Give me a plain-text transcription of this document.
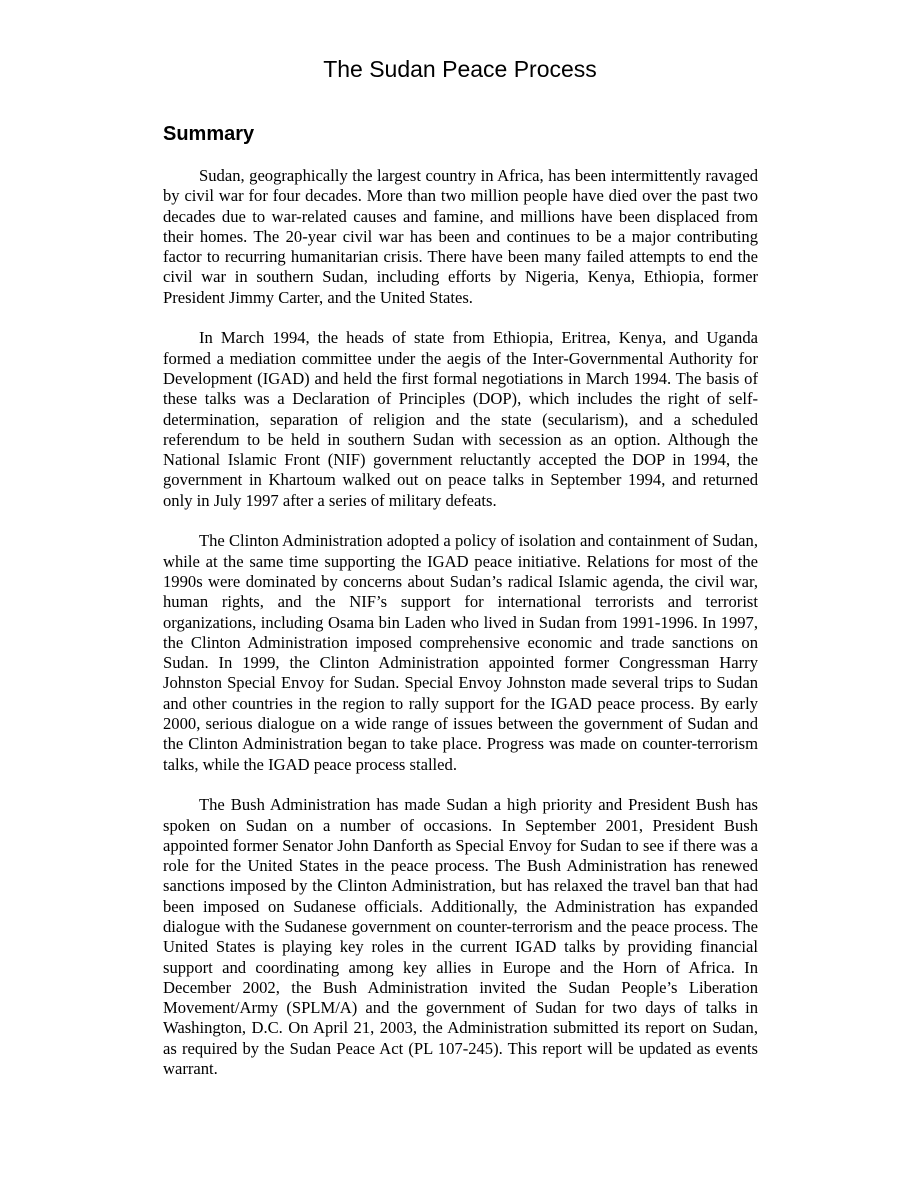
The Sudan Peace Process
Summary

Sudan, geographically the largest country in Africa, has been intermittently ravaged by civil war for four decades. More than two million people have died over the past two decades due to war-related causes and famine, and millions have been displaced from their homes. The 20-year civil war has been and continues to be a major contributing factor to recurring humanitarian crisis. There have been many failed attempts to end the civil war in southern Sudan, including efforts by Nigeria, Kenya, Ethiopia, former President Jimmy Carter, and the United States.

In March 1994, the heads of state from Ethiopia, Eritrea, Kenya, and Uganda formed a mediation committee under the aegis of the Inter-Governmental Authority for Development (IGAD) and held the first formal negotiations in March 1994. The basis of these talks was a Declaration of Principles (DOP), which includes the right of self-determination, separation of religion and the state (secularism), and a scheduled referendum to be held in southern Sudan with secession as an option. Although the National Islamic Front (NIF) government reluctantly accepted the DOP in 1994, the government in Khartoum walked out on peace talks in September 1994, and returned only in July 1997 after a series of military defeats.

The Clinton Administration adopted a policy of isolation and containment of Sudan, while at the same time supporting the IGAD peace initiative. Relations for most of the 1990s were dominated by concerns about Sudan’s radical Islamic agenda, the civil war, human rights, and the NIF’s support for international terrorists and terrorist organizations, including Osama bin Laden who lived in Sudan from 1991-1996. In 1997, the Clinton Administration imposed comprehensive economic and trade sanctions on Sudan. In 1999, the Clinton Administration appointed former Congressman Harry Johnston Special Envoy for Sudan. Special Envoy Johnston made several trips to Sudan and other countries in the region to rally support for the IGAD peace process. By early 2000, serious dialogue on a wide range of issues between the government of Sudan and the Clinton Administration began to take place. Progress was made on counter-terrorism talks, while the IGAD peace process stalled.

The Bush Administration has made Sudan a high priority and President Bush has spoken on Sudan on a number of occasions. In September 2001, President Bush appointed former Senator John Danforth as Special Envoy for Sudan to see if there was a role for the United States in the peace process. The Bush Administration has renewed sanctions imposed by the Clinton Administration, but has relaxed the travel ban that had been imposed on Sudanese officials. Additionally, the Administration has expanded dialogue with the Sudanese government on counter-terrorism and the peace process. The United States is playing key roles in the current IGAD talks by providing financial support and coordinating among key allies in Europe and the Horn of Africa. In December 2002, the Bush Administration invited the Sudan People’s Liberation Movement/Army (SPLM/A) and the government of Sudan for two days of talks in Washington, D.C. On April 21, 2003, the Administration submitted its report on Sudan, as required by the Sudan Peace Act (PL 107-245). This report will be updated as events warrant.
